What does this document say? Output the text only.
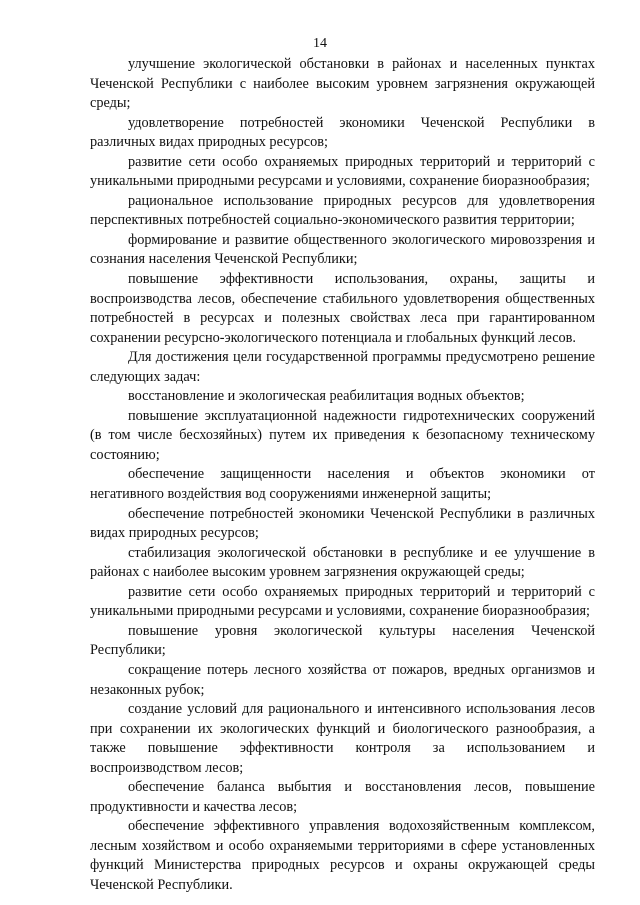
14

улучшение экологической обстановки в районах и населенных пунктах Чеченской Республики с наиболее высоким уровнем загрязнения окружающей среды;

удовлетворение потребностей экономики Чеченской Республики в различных видах природных ресурсов;

развитие сети особо охраняемых природных территорий и территорий с уникальными природными ресурсами и условиями, сохранение биоразнообразия;

рациональное использование природных ресурсов для удовлетворения перспективных потребностей социально-экономического развития территории;

формирование и развитие общественного экологического мировоззрения и сознания населения Чеченской Республики;

повышение эффективности использования, охраны, защиты и воспроизводства лесов, обеспечение стабильного удовлетворения общественных потребностей в ресурсах и полезных свойствах леса при гарантированном сохранении ресурсно-экологического потенциала и глобальных функций лесов.

Для достижения цели государственной программы предусмотрено решение следующих задач:

восстановление и экологическая реабилитация водных объектов;

повышение эксплуатационной надежности гидротехнических сооружений (в том числе бесхозяйных) путем их приведения к безопасному техническому состоянию;

обеспечение защищенности населения и объектов экономики от негативного воздействия вод сооружениями инженерной защиты;

обеспечение потребностей экономики Чеченской Республики в различных видах природных ресурсов;

стабилизация экологической обстановки в республике и ее улучшение в районах с наиболее высоким уровнем загрязнения окружающей среды;

развитие сети особо охраняемых природных территорий и территорий с уникальными природными ресурсами и условиями, сохранение биоразнообразия;

повышение уровня экологической культуры населения Чеченской Республики;

сокращение потерь лесного хозяйства от пожаров, вредных организмов и незаконных рубок;

создание условий для рационального и интенсивного использования лесов при сохранении их экологических функций и биологического разнообразия, а также повышение эффективности контроля за использованием и воспроизводством лесов;

обеспечение баланса выбытия и восстановления лесов, повышение продуктивности и качества лесов;

обеспечение эффективного управления водохозяйственным комплексом, лесным хозяйством и особо охраняемыми территориями в сфере установленных функций Министерства природных ресурсов и охраны окружающей среды Чеченской Республики.
